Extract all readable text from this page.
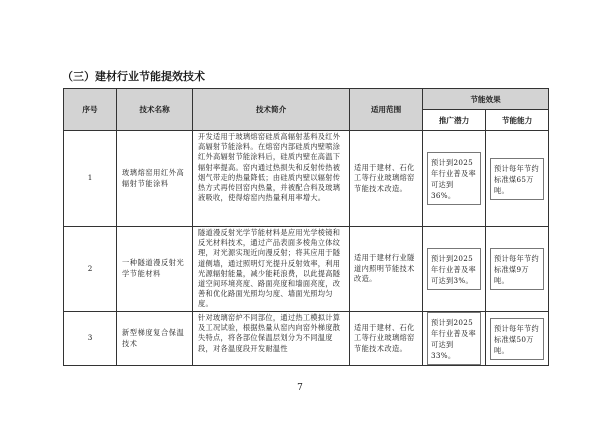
（三）建材行业节能提效技术
序号	技术名称	技术简介	适用范围	节能效果	
				推广潜力	节能能力
1	玻璃熔窑用红外高辐射节能涂料	开发适用于玻璃熔窑硅质高辐射基料及红外高辐射节能涂料。在熔窑内部硅质内壁喷涂红外高辐射节能涂料后，硅质内壁在高温下辐射率提高。窑内通过热损失和反射传热被烟气带走的热量降低；由硅质内壁以辐射传热方式再传回窑内热量，并被配合料及玻璃液吸收，使得熔窑内热量利用率增大。	适用于建材、石化工等行业玻璃熔窑节能技术改造。	预计到2025年行业普及率可达到36%。	预计每年节约标准煤65万吨。

2	一种隧道漫反射光学节能材料	隧道漫反射光学节能材料是应用光学棱镜和反光材料技术，通过产品表面多棱角立体纹理，对光源实现近向漫反射；将其应用于隧道侧墙，通过照明灯光提升反射效率，利用光源辐射能量，减少能耗浪费，以此提高隧道空间环境亮度、路面亮度和墙面亮度，改善和优化路面光照均匀度、墙面光照均匀度。	适用于建材行业隧道内照明节能技术改造。	预计到2025年行业普及率可达到3%。	预计每年节约标准煤9万吨。

3	新型梯度复合保温技术	针对玻璃窑炉不同部位，通过热工模拟计算及工况试验，根据热量从窑内向窑外梯度散失特点，将各部位保温层划分为不同温度段，对各温度段开发耐温性	适用于建材、石化工等行业玻璃熔窑节能技术改造。	预计到2025年行业普及率可达到33%。	预计每年节约标准煤50万吨。
7
